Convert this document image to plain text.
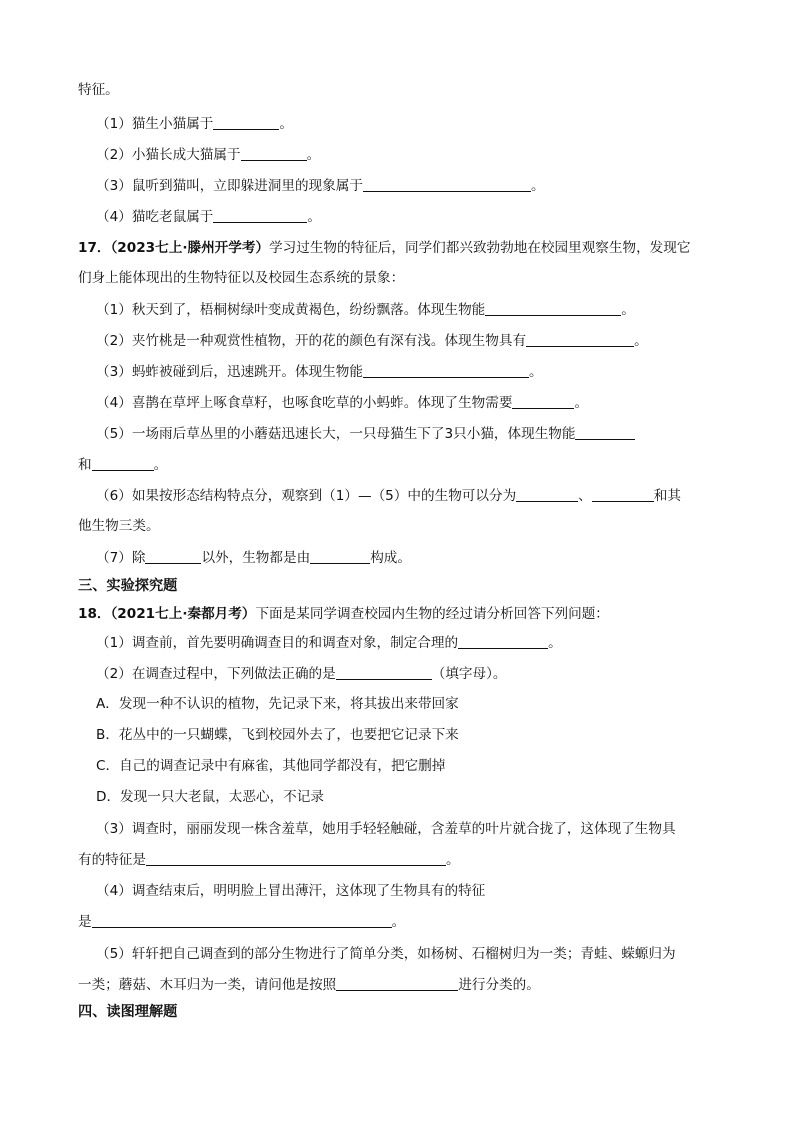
特征。
（1）猫生小猫属于	。
（2）小猫长成大猫属于	。
（3）鼠听到猫叫，立即躲进洞里的现象属于	。
（4）猫吃老鼠属于	。
17．（2023七上·滕州开学考）学习过生物的特征后，同学们都兴致勃勃地在校园里观察生物，发现它
们身上能体现出的生物特征以及校园生态系统的景象：
（1）秋天到了，梧桐树绿叶变成黄褐色，纷纷飘落。体现生物能	。
（2）夹竹桃是一种观赏性植物，开的花的颜色有深有浅。体现生物具有	。
（3）蚂蚱被碰到后，迅速跳开。体现生物能	。
（4）喜鹊在草坪上啄食草籽，也啄食吃草的小蚂蚱。体现了生物需要	。
（5）一场雨后草丛里的小蘑菇迅速长大，一只母猫生下了3只小猫，体现生物能
和	。
（6）如果按形态结构特点分，观察到（1）—（5）中的生物可以分为	、	和其
他生物三类。
（7）除	以外，生物都是由	构成。
三、实验探究题
18．（2021七上·秦都月考）下面是某同学调查校园内生物的经过请分析回答下列问题：
（1）调查前，首先要明确调查目的和调查对象，制定合理的	。
（2）在调查过程中，下列做法正确的是	（填字母）。
A．发现一种不认识的植物，先记录下来，将其拔出来带回家
B．花丛中的一只蝴蝶，飞到校园外去了，也要把它记录下来
C．自己的调查记录中有麻雀，其他同学都没有，把它删掉
D．发现一只大老鼠，太恶心，不记录
（3）调查时，丽丽发现一株含羞草，她用手轻轻触碰，含羞草的叶片就合拢了，这体现了生物具
有的特征是	。
（4）调查结束后，明明脸上冒出薄汗，这体现了生物具有的特征
是	。
（5）轩轩把自己调查到的部分生物进行了简单分类，如杨树、石榴树归为一类；青蛙、蝾螈归为
一类；蘑菇、木耳归为一类，请问他是按照	进行分类的。
四、读图理解题
